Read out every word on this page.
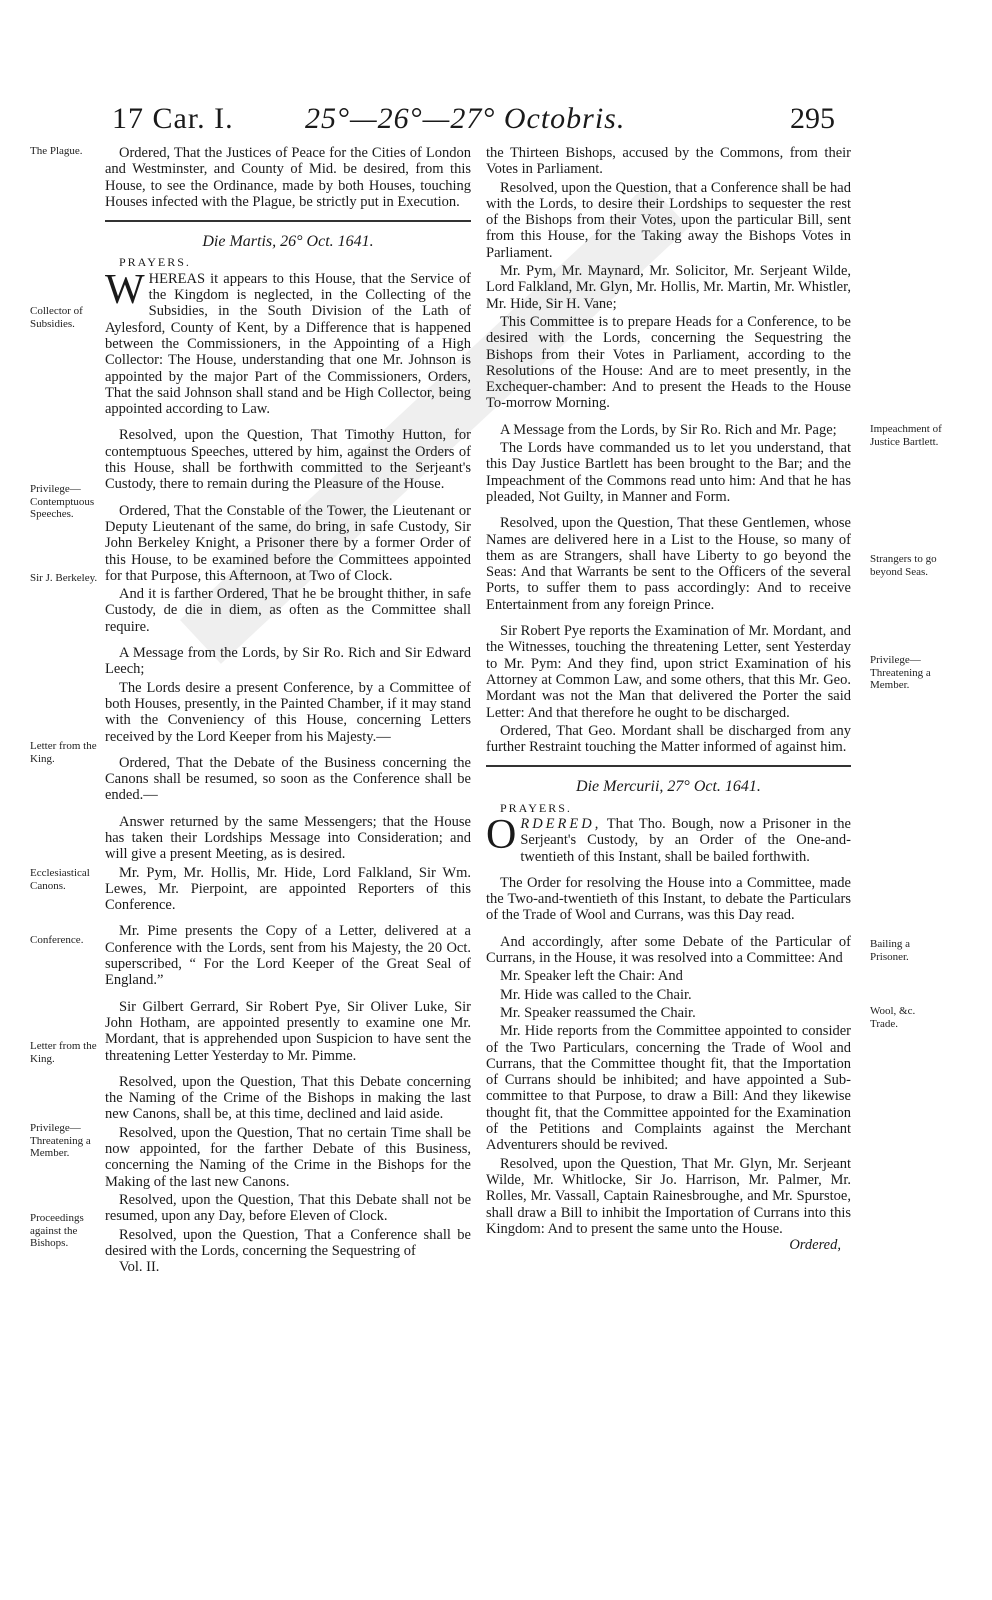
17 Car. I. 25°—26°—27° Octobris.	295
The Plague.
Collector of Subsidies.
Privilege— Contemptuous Speeches.
Sir J. Berkeley.
Letter from the King.
Ecclesiastical Canons.
Conference.
Letter from the King.
Privilege— Threatening a Member.
Proceedings against the Bishops.
Impeachment of Justice Bartlett.
Strangers to go beyond Seas.
Privilege— Threatening a Member.
Bailing a Prisoner.
Wool, &c. Trade.

Ordered, That the Justices of Peace for the Cities of London and Westminster, and County of Mid. be desired, from this House, to see the Ordinance, made by both Houses, touching Houses infected with the Plague, be strictly put in Execution.

Die Martis, 26° Oct. 1641.
PRAYERS.

WHEREAS it appears to this House, that the Service of the Kingdom is neglected, in the Collecting of the Subsidies, in the South Division of the Lath of Aylesford, County of Kent, by a Difference that is happened between the Commissioners, in the Appointing of a High Collector: The House, understanding that one Mr. Johnson is appointed by the major Part of the Commissioners, Orders, That the said Johnson shall stand and be High Collector, being appointed according to Law.

Resolved, upon the Question, That Timothy Hutton, for contemptuous Speeches, uttered by him, against the Orders of this House, shall be forthwith committed to the Serjeant's Custody, there to remain during the Pleasure of the House.

Ordered, That the Constable of the Tower, the Lieutenant or Deputy Lieutenant of the same, do bring, in safe Custody, Sir John Berkeley Knight, a Prisoner there by a former Order of this House, to be examined before the Committees appointed for that Purpose, this Afternoon, at Two of Clock.

And it is farther Ordered, That he be brought thither, in safe Custody, de die in diem, as often as the Committee shall require.

A Message from the Lords, by Sir Ro. Rich and Sir Edward Leech;

The Lords desire a present Conference, by a Committee of both Houses, presently, in the Painted Chamber, if it may stand with the Conveniency of this House, concerning Letters received by the Lord Keeper from his Majesty.—

Ordered, That the Debate of the Business concerning the Canons shall be resumed, so soon as the Conference shall be ended.—

Answer returned by the same Messengers; that the House has taken their Lordships Message into Consideration; and will give a present Meeting, as is desired.

Mr. Pym, Mr. Hollis, Mr. Hide, Lord Falkland, Sir Wm. Lewes, Mr. Pierpoint, are appointed Reporters of this Conference.

Mr. Pime presents the Copy of a Letter, delivered at a Conference with the Lords, sent from his Majesty, the 20 Oct. superscribed, “ For the Lord Keeper of the Great Seal of England.”

Sir Gilbert Gerrard, Sir Robert Pye, Sir Oliver Luke, Sir John Hotham, are appointed presently to examine one Mr. Mordant, that is apprehended upon Suspicion to have sent the threatening Letter Yesterday to Mr. Pimme.

Resolved, upon the Question, That this Debate concerning the Naming of the Crime of the Bishops in making the last new Canons, shall be, at this time, declined and laid aside.

Resolved, upon the Question, That no certain Time shall be now appointed, for the farther Debate of this Business, concerning the Naming of the Crime in the Bishops for the Making of the last new Canons.

Resolved, upon the Question, That this Debate shall not be resumed, upon any Day, before Eleven of Clock.

Resolved, upon the Question, That a Conference shall be desired with the Lords, concerning the Sequestring of

Vol. II.

the Thirteen Bishops, accused by the Commons, from their Votes in Parliament.

Resolved, upon the Question, that a Conference shall be had with the Lords, to desire their Lordships to sequester the rest of the Bishops from their Votes, upon the particular Bill, sent from this House, for the Taking away the Bishops Votes in Parliament.

Mr. Pym, Mr. Maynard, Mr. Solicitor, Mr. Serjeant Wilde, Lord Falkland, Mr. Glyn, Mr. Hollis, Mr. Martin, Mr. Whistler, Mr. Hide, Sir H. Vane;

This Committee is to prepare Heads for a Conference, to be desired with the Lords, concerning the Sequestring the Bishops from their Votes in Parliament, according to the Resolutions of the House: And are to meet presently, in the Exchequer-chamber: And to present the Heads to the House To-morrow Morning.

A Message from the Lords, by Sir Ro. Rich and Mr. Page;

The Lords have commanded us to let you understand, that this Day Justice Bartlett has been brought to the Bar; and the Impeachment of the Commons read unto him: And that he has pleaded, Not Guilty, in Manner and Form.

Resolved, upon the Question, That these Gentlemen, whose Names are delivered here in a List to the House, so many of them as are Strangers, shall have Liberty to go beyond the Seas: And that Warrants be sent to the Officers of the several Ports, to suffer them to pass accordingly: And to receive Entertainment from any foreign Prince.

Sir Robert Pye reports the Examination of Mr. Mordant, and the Witnesses, touching the threatening Letter, sent Yesterday to Mr. Pym: And they find, upon strict Examination of his Attorney at Common Law, and some others, that this Mr. Geo. Mordant was not the Man that delivered the Porter the said Letter: And that therefore he ought to be discharged.

Ordered, That Geo. Mordant shall be discharged from any further Restraint touching the Matter informed of against him.

Die Mercurii, 27° Oct. 1641.
PRAYERS.

ORDERED, That Tho. Bough, now a Prisoner in the Serjeant's Custody, by an Order of the One-and-twentieth of this Instant, shall be bailed forthwith.

The Order for resolving the House into a Committee, made the Two-and-twentieth of this Instant, to debate the Particulars of the Trade of Wool and Currans, was this Day read.

And accordingly, after some Debate of the Particular of Currans, in the House, it was resolved into a Committee: And

Mr. Speaker left the Chair: And

Mr. Hide was called to the Chair.

Mr. Speaker reassumed the Chair.

Mr. Hide reports from the Committee appointed to consider of the Two Particulars, concerning the Trade of Wool and Currans, that the Committee thought fit, that the Importation of Currans should be inhibited; and have appointed a Sub-committee to that Purpose, to draw a Bill: And they likewise thought fit, that the Committee appointed for the Examination of the Petitions and Complaints against the Merchant Adventurers should be revived.

Resolved, upon the Question, That Mr. Glyn, Mr. Serjeant Wilde, Mr. Whitlocke, Sir Jo. Harrison, Mr. Palmer, Mr. Rolles, Mr. Vassall, Captain Rainesbroughe, and Mr. Spurstoe, shall draw a Bill to inhibit the Importation of Currans into this Kingdom: And to present the same unto the House.

Ordered,
